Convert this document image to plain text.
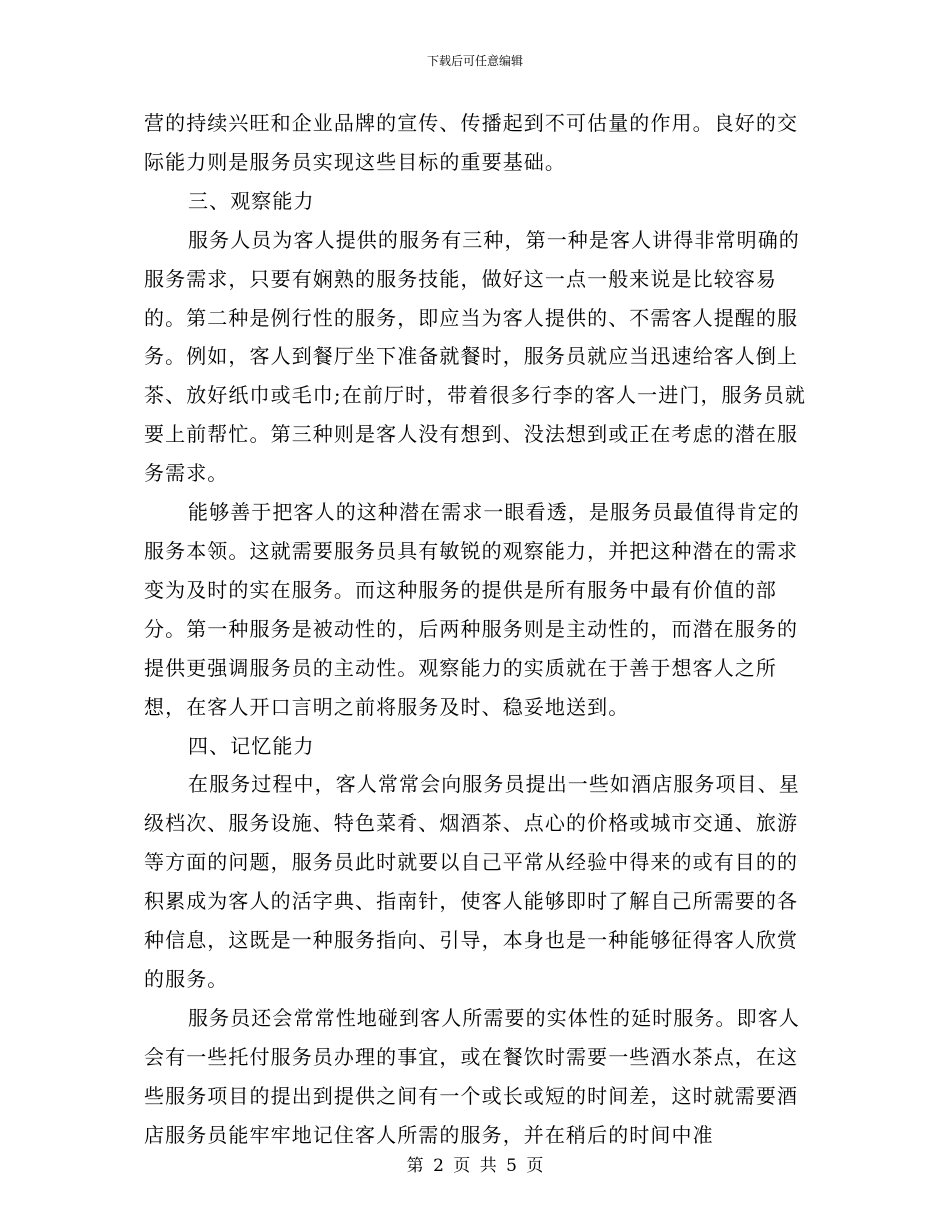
下载后可任意编辑

营的持续兴旺和企业品牌的宣传、传播起到不可估量的作用。良好的交际能力则是服务员实现这些目标的重要基础。

三、观察能力

服务人员为客人提供的服务有三种，第一种是客人讲得非常明确的服务需求，只要有娴熟的服务技能，做好这一点一般来说是比较容易的。第二种是例行性的服务，即应当为客人提供的、不需客人提醒的服务。例如，客人到餐厅坐下准备就餐时，服务员就应当迅速给客人倒上茶、放好纸巾或毛巾;在前厅时，带着很多行李的客人一进门，服务员就要上前帮忙。第三种则是客人没有想到、没法想到或正在考虑的潜在服务需求。

能够善于把客人的这种潜在需求一眼看透，是服务员最值得肯定的服务本领。这就需要服务员具有敏锐的观察能力，并把这种潜在的需求变为及时的实在服务。而这种服务的提供是所有服务中最有价值的部分。第一种服务是被动性的，后两种服务则是主动性的，而潜在服务的提供更强调服务员的主动性。观察能力的实质就在于善于想客人之所想，在客人开口言明之前将服务及时、稳妥地送到。

四、记忆能力

在服务过程中，客人常常会向服务员提出一些如酒店服务项目、星级档次、服务设施、特色菜肴、烟酒茶、点心的价格或城市交通、旅游等方面的问题，服务员此时就要以自己平常从经验中得来的或有目的的积累成为客人的活字典、指南针，使客人能够即时了解自己所需要的各种信息，这既是一种服务指向、引导，本身也是一种能够征得客人欣赏的服务。

服务员还会常常性地碰到客人所需要的实体性的延时服务。即客人会有一些托付服务员办理的事宜，或在餐饮时需要一些酒水茶点，在这些服务项目的提出到提供之间有一个或长或短的时间差，这时就需要酒店服务员能牢牢地记住客人所需的服务，并在稍后的时间中准

第 2 页 共 5 页
